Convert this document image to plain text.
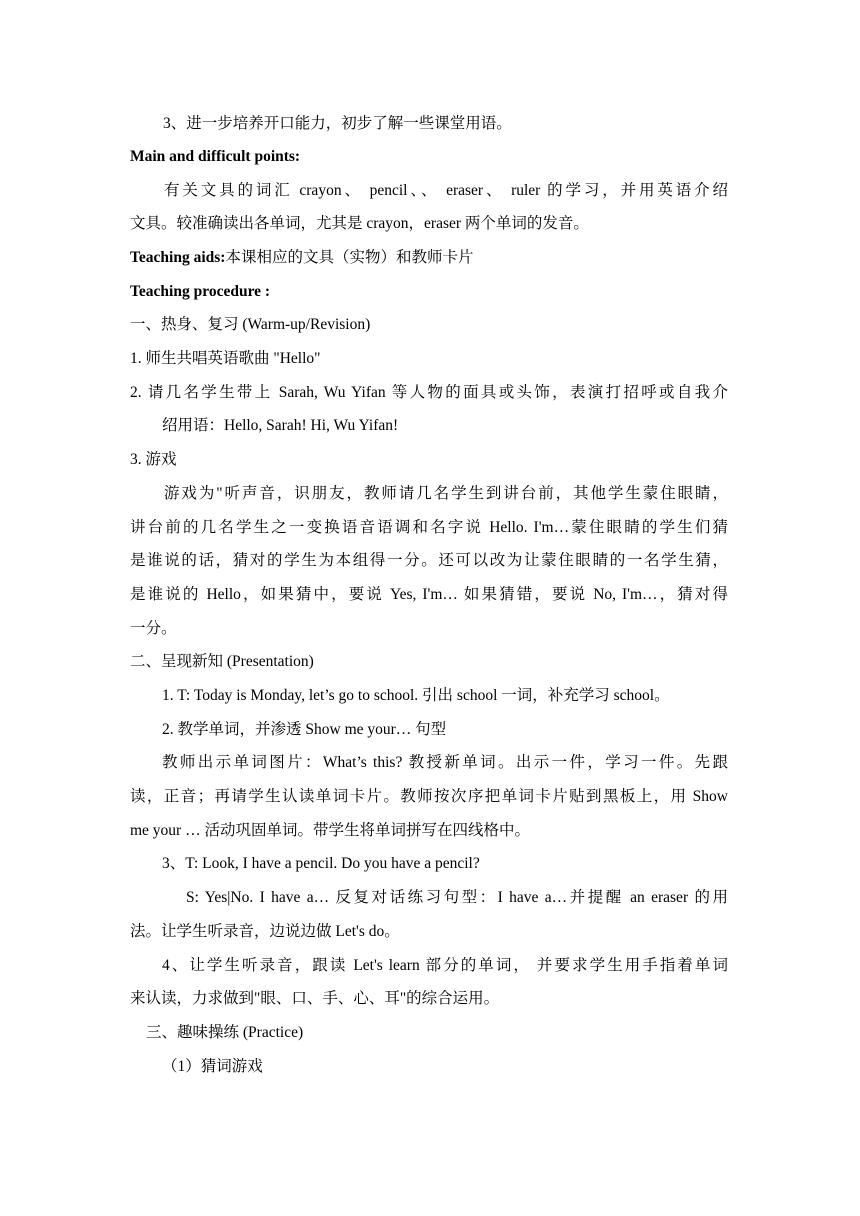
3、进一步培养开口能力，初步了解一些课堂用语。
Main and difficult points:
有关文具的词汇 crayon、 pencil、、 eraser、 ruler 的学习，并用英语介绍
文具。较准确读出各单词，尤其是 crayon，eraser 两个单词的发音。
Teaching aids:本课相应的文具（实物）和教师卡片
Teaching procedure :
一、热身、复习 (Warm-up/Revision)
1. 师生共唱英语歌曲 "Hello"
2. 请几名学生带上 Sarah, Wu Yifan 等人物的面具或头饰，表演打招呼或自我介
绍用语：Hello, Sarah! Hi, Wu Yifan!
3. 游戏
游戏为"听声音，识朋友，教师请几名学生到讲台前，其他学生蒙住眼睛，
讲台前的几名学生之一变换语音语调和名字说 Hello. I'm…蒙住眼睛的学生们猜
是谁说的话，猜对的学生为本组得一分。还可以改为让蒙住眼睛的一名学生猜，
是谁说的 Hello，如果猜中，要说 Yes, I'm… 如果猜错，要说 No, I'm…，猜对得
一分。
二、呈现新知 (Presentation)
1. T: Today is Monday, let’s go to school. 引出 school 一词，补充学习 school。
2. 教学单词，并渗透 Show me your… 句型
教师出示单词图片：What’s this? 教授新单词。出示一件，学习一件。先跟
读，正音；再请学生认读单词卡片。教师按次序把单词卡片贴到黑板上，用 Show
me your … 活动巩固单词。带学生将单词拼写在四线格中。
3、T: Look, I have a pencil. Do you have a pencil?
S: Yes|No. I have a… 反复对话练习句型：I have a…并提醒 an eraser 的用
法。让学生听录音，边说边做 Let's do。
4、让学生听录音，跟读 Let's learn 部分的单词， 并要求学生用手指着单词
来认读，力求做到"眼、口、手、心、耳"的综合运用。
三、趣味操练 (Practice)
（1）猜词游戏
